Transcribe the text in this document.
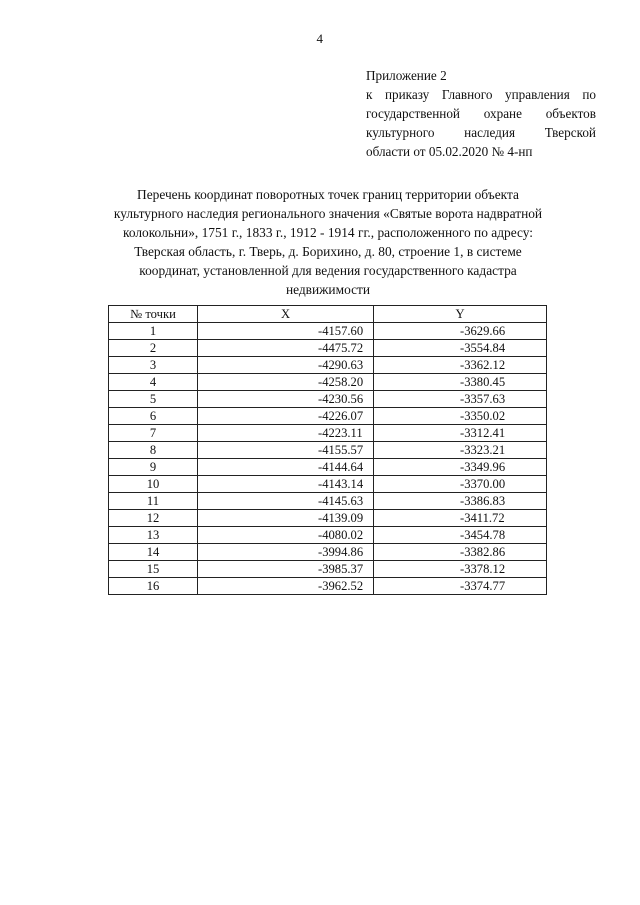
4
Приложение 2
к приказу Главного управления по
государственной охране объектов
культурного наследия Тверской
области от 05.02.2020 № 4-нп
Перечень координат поворотных точек границ территории объекта
культурного наследия регионального значения «Святые ворота надвратной
колокольни», 1751 г., 1833 г., 1912 - 1914 гг., расположенного по адресу:
Тверская область, г. Тверь, д. Борихино, д. 80, строение 1, в системе
координат, установленной для ведения государственного кадастра
недвижимости
№ точки	X	Y
1	-4157.60	-3629.66
2	-4475.72	-3554.84
3	-4290.63	-3362.12
4	-4258.20	-3380.45
5	-4230.56	-3357.63
6	-4226.07	-3350.02
7	-4223.11	-3312.41
8	-4155.57	-3323.21
9	-4144.64	-3349.96
10	-4143.14	-3370.00
11	-4145.63	-3386.83
12	-4139.09	-3411.72
13	-4080.02	-3454.78
14	-3994.86	-3382.86
15	-3985.37	-3378.12
16	-3962.52	-3374.77
